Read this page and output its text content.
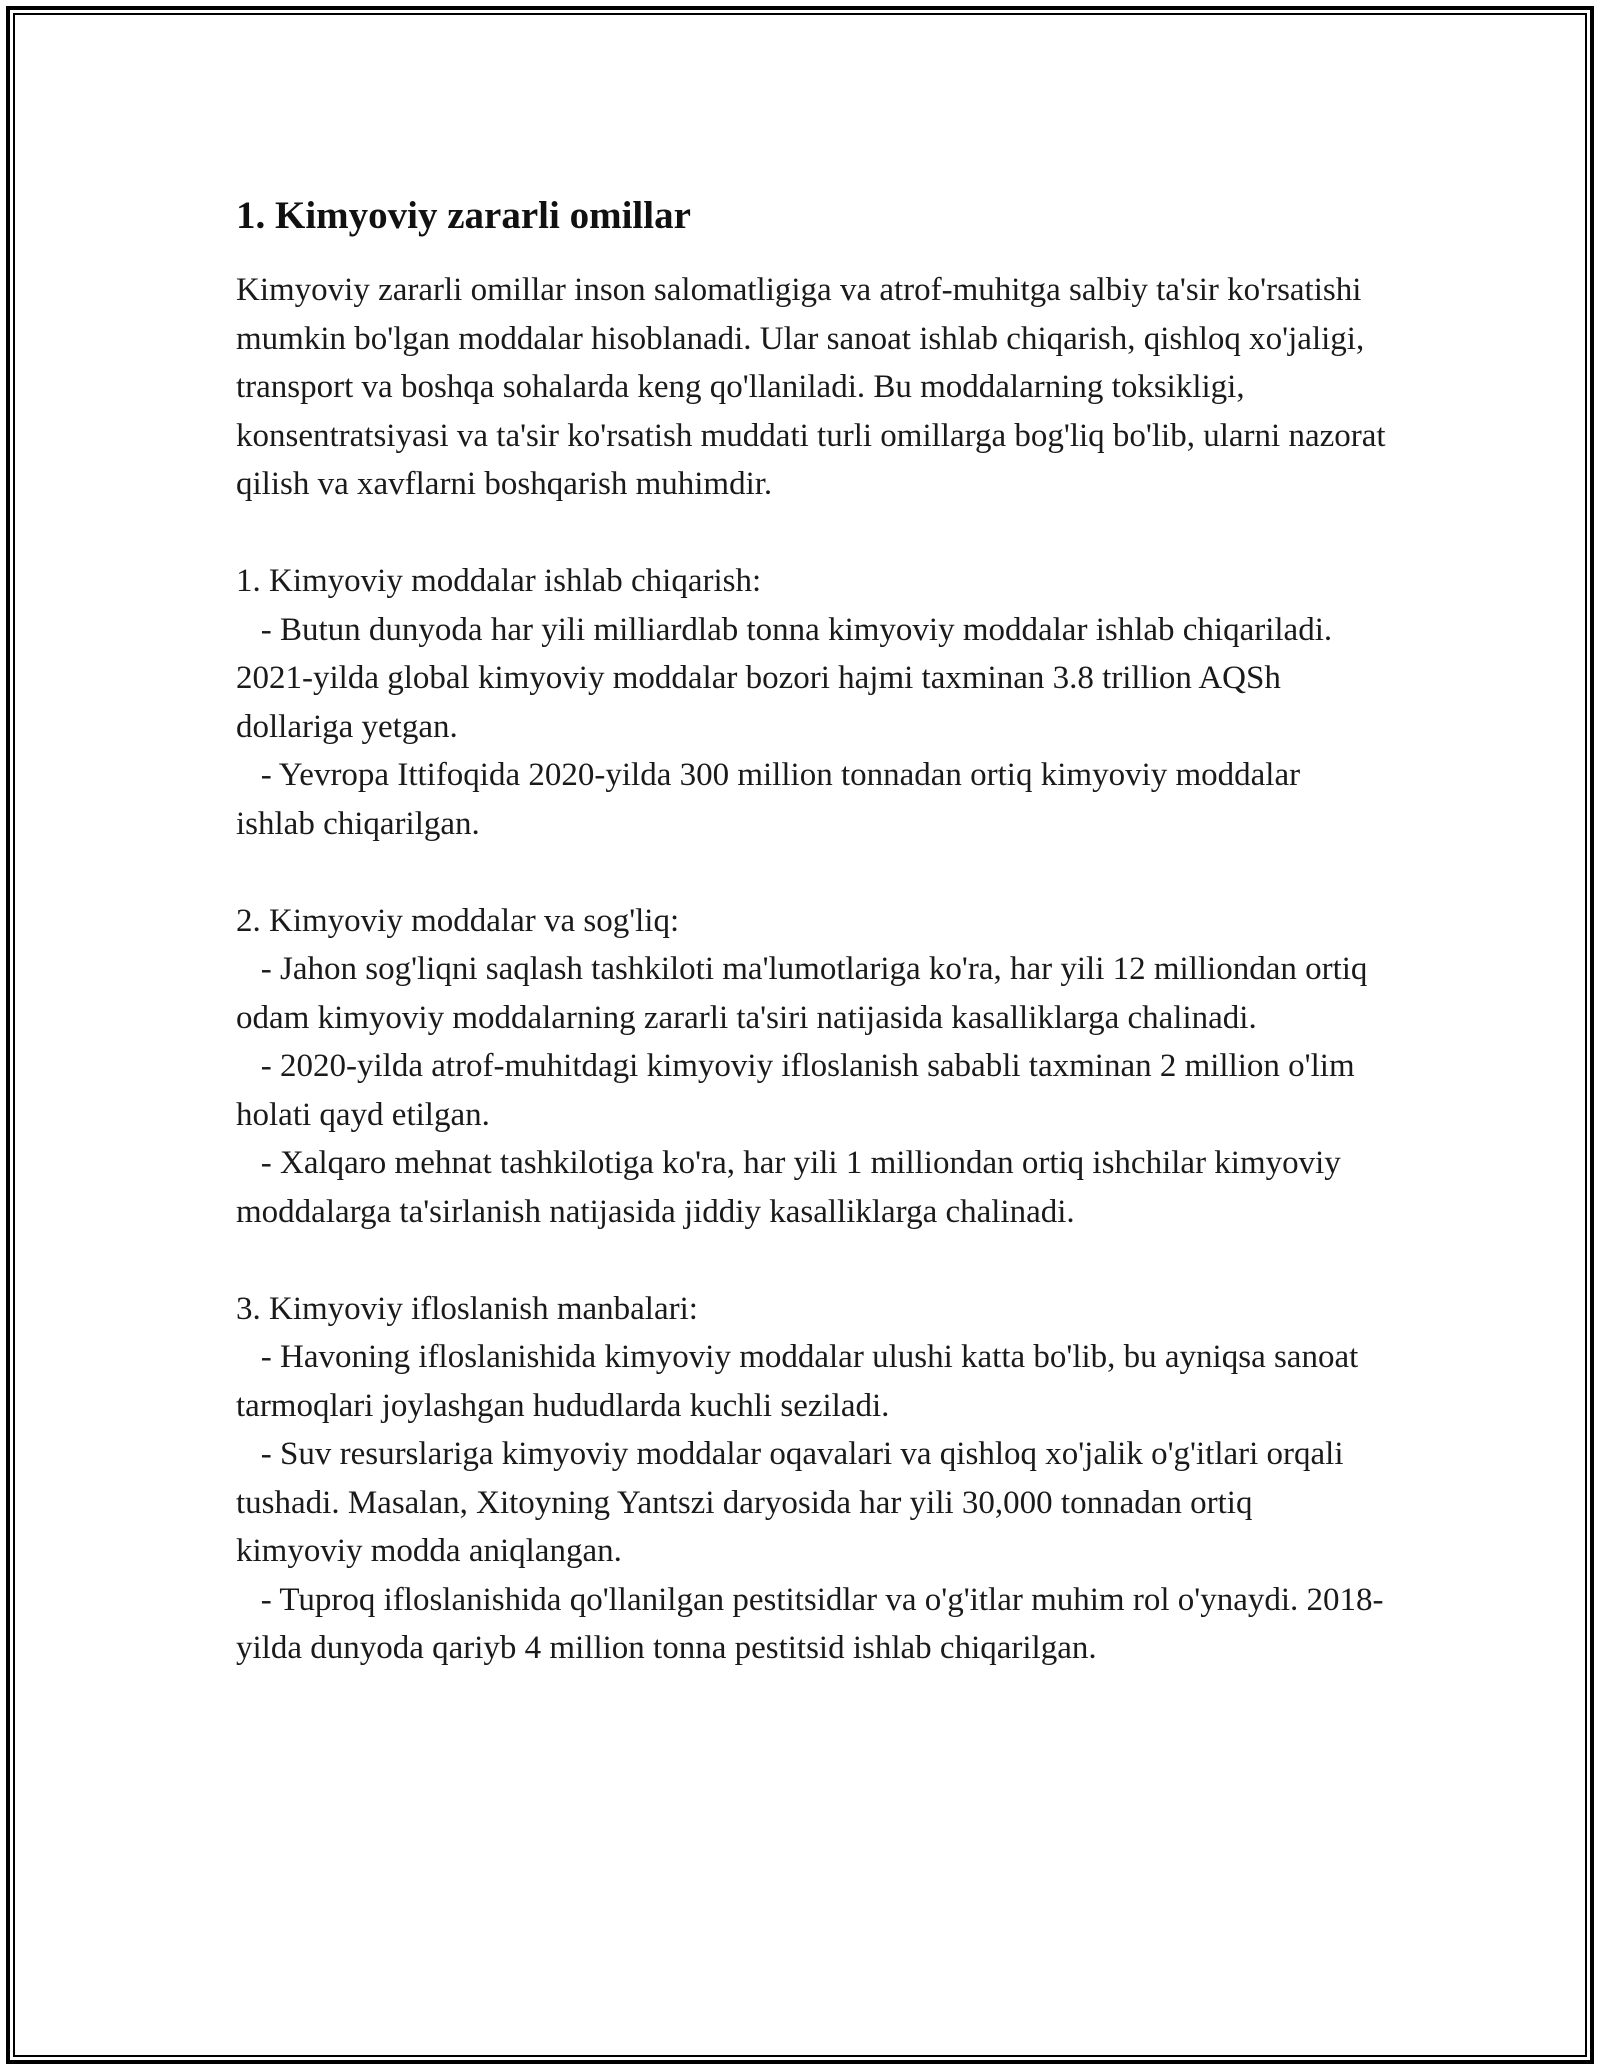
1. Kimyoviy zararli omillar

Kimyoviy zararli omillar inson salomatligiga va atrof-muhitga salbiy ta'sir ko'rsatishi mumkin bo'lgan moddalar hisoblanadi. Ular sanoat ishlab chiqarish, qishloq xo'jaligi, transport va boshqa sohalarda keng qo'llaniladi. Bu moddalarning toksikligi, konsentratsiyasi va ta'sir ko'rsatish muddati turli omillarga bog'liq bo'lib, ularni nazorat qilish va xavflarni boshqarish muhimdir.

1. Kimyoviy moddalar ishlab chiqarish:

- Butun dunyoda har yili milliardlab tonna kimyoviy moddalar ishlab chiqariladi. 2021-yilda global kimyoviy moddalar bozori hajmi taxminan 3.8 trillion AQSh dollariga yetgan.

- Yevropa Ittifoqida 2020-yilda 300 million tonnadan ortiq kimyoviy moddalar ishlab chiqarilgan.

2. Kimyoviy moddalar va sog'liq:

- Jahon sog'liqni saqlash tashkiloti ma'lumotlariga ko'ra, har yili 12 milliondan ortiq odam kimyoviy moddalarning zararli ta'siri natijasida kasalliklarga chalinadi.

- 2020-yilda atrof-muhitdagi kimyoviy ifloslanish sababli taxminan 2 million o'lim holati qayd etilgan.

- Xalqaro mehnat tashkilotiga ko'ra, har yili 1 milliondan ortiq ishchilar kimyoviy moddalarga ta'sirlanish natijasida jiddiy kasalliklarga chalinadi.

3. Kimyoviy ifloslanish manbalari:

- Havoning ifloslanishida kimyoviy moddalar ulushi katta bo'lib, bu ayniqsa sanoat tarmoqlari joylashgan hududlarda kuchli seziladi.

- Suv resurslariga kimyoviy moddalar oqavalari va qishloq xo'jalik o'g'itlari orqali tushadi. Masalan, Xitoyning Yantszi daryosida har yili 30,000 tonnadan ortiq kimyoviy modda aniqlangan.

- Tuproq ifloslanishida qo'llanilgan pestitsidlar va o'g'itlar muhim rol o'ynaydi. 2018-yilda dunyoda qariyb 4 million tonna pestitsid ishlab chiqarilgan.
